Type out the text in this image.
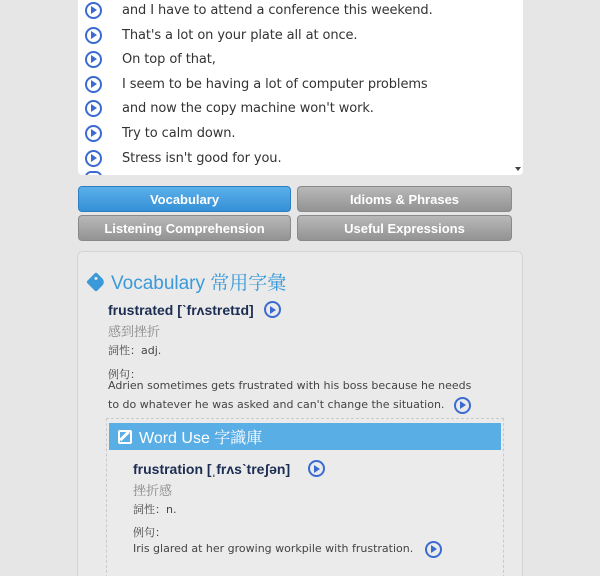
and I have to attend a conference this weekend.
That's a lot on your plate all at once.
On top of that,
I seem to be having a lot of computer problems
and now the copy machine won't work.
Try to calm down.
Stress isn't good for you.
Vocabulary	Idioms & Phrases
Listening Comprehension	Useful Expressions
Vocabulary 常用字彙
frustrated [ˋfrʌstretɪd]
感到挫折
詞性：adj.
例句：
Adrien sometimes gets frustrated with his boss because he needs to do whatever he was asked and can't change the situation.
Word Use 字識庫
frustration [ˌfrʌsˋtreʃən]
挫折感
詞性：n.
例句：
Iris glared at her growing workpile with frustration.
